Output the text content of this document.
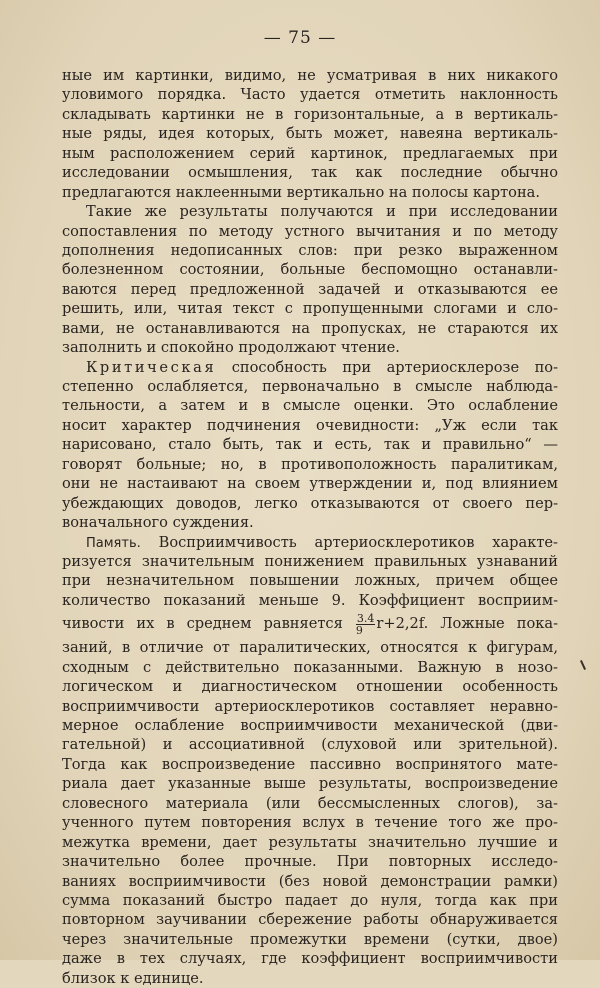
— 75 —
ные им картинки, видимо, не усматривая в них никакого
уловимого порядка. Часто удается отметить наклонность
складывать картинки не в горизонтальные, а в вертикаль-
ные ряды, идея которых, быть может, навеяна вертикаль-
ным расположением серий картинок, предлагаемых при
исследовании осмышления, так как последние обычно
предлагаются наклеенными вертикально на полосы картона.
Такие же результаты получаются и при исследовании
сопоставления по методу устного вычитания и по методу
дополнения недописанных слов: при резко выраженном
болезненном состоянии, больные беспомощно останавли-
ваются перед предложенной задачей и отказываются ее
решить, или, читая текст с пропущенными слогами и сло-
вами, не останавливаются на пропусках, не стараются их
заполнить и спокойно продолжают чтение.
Критическая способность при артериосклерозе по-
степенно ослабляется, первоначально в смысле наблюда-
тельности, а затем и в смысле оценки. Это ослабление
носит характер подчинения очевидности: „Уж если так
нарисовано, стало быть, так и есть, так и правильно“ —
говорят больные; но, в противоположность паралитикам,
они не настаивают на своем утверждении и, под влиянием
убеждающих доводов, легко отказываются от своего пер-
воначального суждения.
Память. Восприимчивость артериосклеротиков характе-
ризуется значительным понижением правильных узнаваний
при незначительном повышении ложных, причем общее
количество показаний меньше 9. Коэффициент восприим-
чивости их в среднем равняется $\frac{3.4}{9} r+2,2f$. Ложные пока-
заний, в отличие от паралитических, относятся к фигурам,
сходным с действительно показанными. Важную в нозо-
логическом и диагностическом отношении особенность
восприимчивости артериосклеротиков составляет неравно-
мерное ослабление восприимчивости механической (дви-
гательной) и ассоциативной (слуховой или зрительной).
Тогда как воспроизведение пассивно воспринятого мате-
риала дает указанные выше результаты, воспроизведение
словесного материала (или бессмысленных слогов), за-
ученного путем повторения вслух в течение того же про-
межутка времени, дает результаты значительно лучшие и
значительно более прочные. При повторных исследо-
ваниях восприимчивости (без новой демонстрации рамки)
сумма показаний быстро падает до нуля, тогда как при
повторном заучивании сбережение работы обнаруживается
через значительные промежутки времени (сутки, двое)
даже в тех случаях, где коэффициент восприимчивости
близок к единице.
